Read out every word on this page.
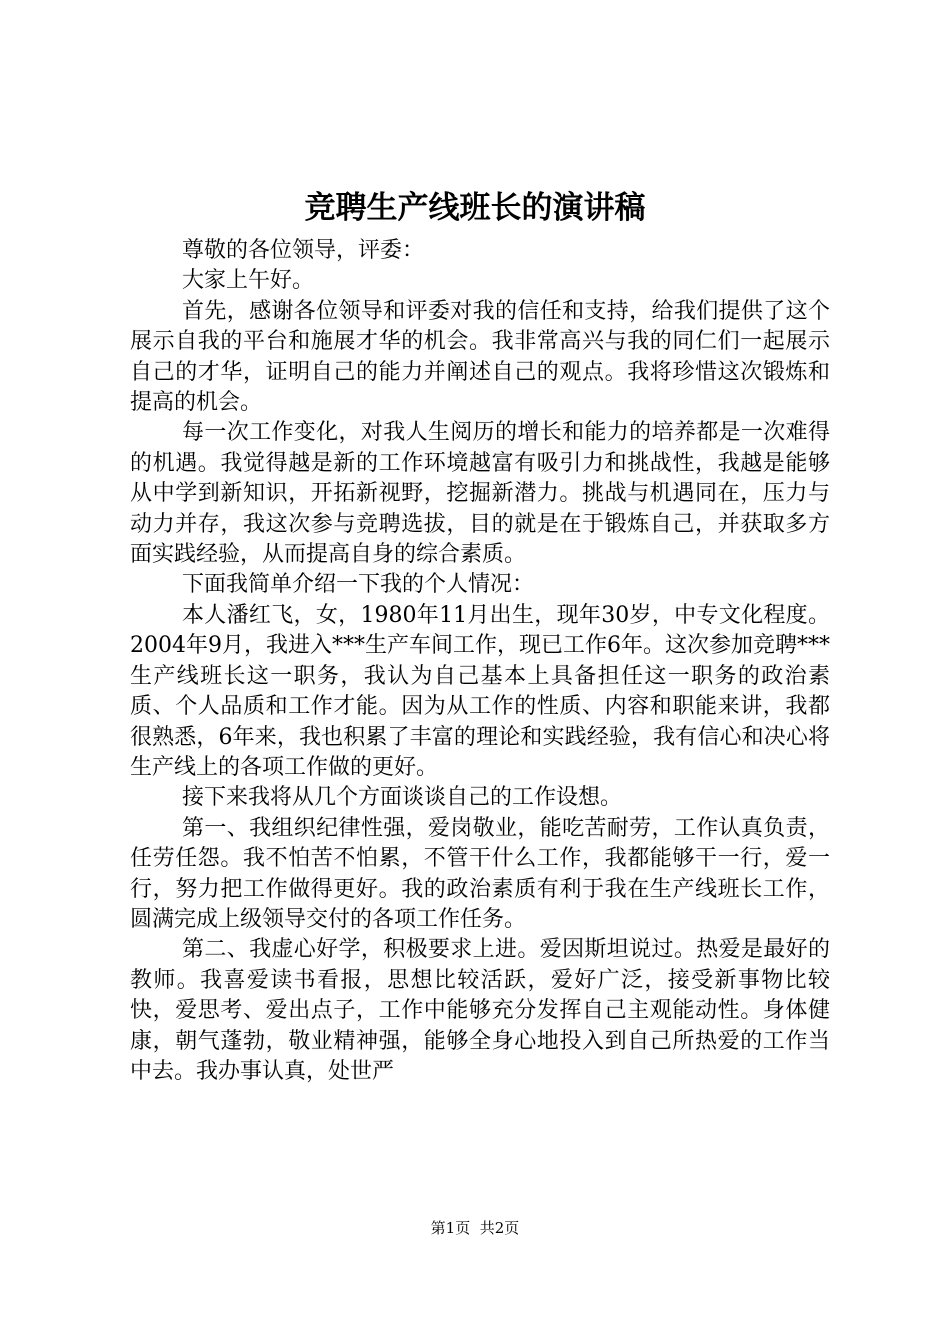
竞聘生产线班长的演讲稿

尊敬的各位领导，评委：

大家上午好。

首先，感谢各位领导和评委对我的信任和支持，给我们提供了这个展示自我的平台和施展才华的机会。我非常高兴与我的同仁们一起展示自己的才华，证明自己的能力并阐述自己的观点。我将珍惜这次锻炼和提高的机会。

每一次工作变化，对我人生阅历的增长和能力的培养都是一次难得的机遇。我觉得越是新的工作环境越富有吸引力和挑战性，我越是能够从中学到新知识，开拓新视野，挖掘新潜力。挑战与机遇同在，压力与动力并存，我这次参与竞聘选拔，目的就是在于锻炼自己，并获取多方面实践经验，从而提高自身的综合素质。

下面我简单介绍一下我的个人情况：

本人潘红飞，女，1980年11月出生，现年30岁，中专文化程度。2004年9月，我进入***生产车间工作，现已工作6年。这次参加竞聘***生产线班长这一职务，我认为自己基本上具备担任这一职务的政治素质、个人品质和工作才能。因为从工作的性质、内容和职能来讲，我都很熟悉，6年来，我也积累了丰富的理论和实践经验，我有信心和决心将生产线上的各项工作做的更好。

接下来我将从几个方面谈谈自己的工作设想。

第一、我组织纪律性强，爱岗敬业，能吃苦耐劳，工作认真负责，任劳任怨。我不怕苦不怕累，不管干什么工作，我都能够干一行，爱一行，努力把工作做得更好。我的政治素质有利于我在生产线班长工作，圆满完成上级领导交付的各项工作任务。

第二、我虚心好学，积极要求上进。爱因斯坦说过。热爱是最好的教师。我喜爱读书看报，思想比较活跃，爱好广泛，接受新事物比较快，爱思考、爱出点子，工作中能够充分发挥自己主观能动性。身体健康，朝气蓬勃，敬业精神强，能够全身心地投入到自己所热爱的工作当中去。我办事认真，处世严

第1页 共2页
